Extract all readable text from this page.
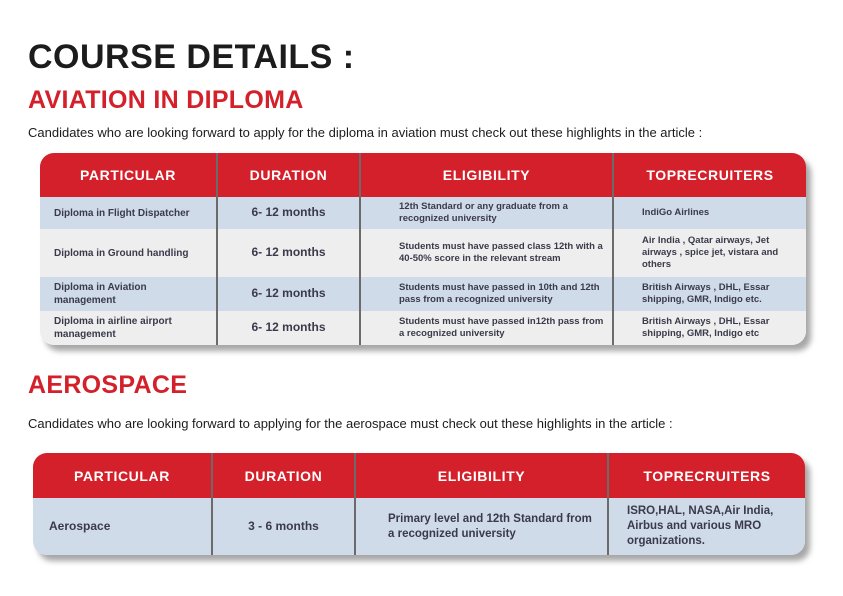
COURSE DETAILS :
AVIATION IN DIPLOMA

Candidates who are looking forward to apply for the diploma in aviation must check out these highlights in the article :

PARTICULAR	DURATION	ELIGIBILITY	TOPRECRUITERS
Diploma in Flight Dispatcher	6- 12 months	12th Standard or any graduate from a recognized university	IndiGo Airlines
Diploma in Ground handling	6- 12 months	Students must have passed class 12th with a 40-50% score in the relevant stream	Air India , Qatar airways, Jet airways , spice jet, vistara and others
Diploma in Aviation management	6- 12 months	Students must have passed in 10th and 12th pass from a recognized university	British Airways , DHL, Essar shipping, GMR, Indigo etc.
Diploma in airline airport management	6- 12 months	Students must have passed in12th pass from a recognized university	British Airways , DHL, Essar shipping, GMR, Indigo etc
AEROSPACE

Candidates who are looking forward to applying for the aerospace must check out these highlights in the article :

PARTICULAR	DURATION	ELIGIBILITY	TOPRECRUITERS
Aerospace	3 - 6 months	Primary level and 12th Standard from a recognized university	ISRO,HAL, NASA,Air India, Airbus and various MRO organizations.
